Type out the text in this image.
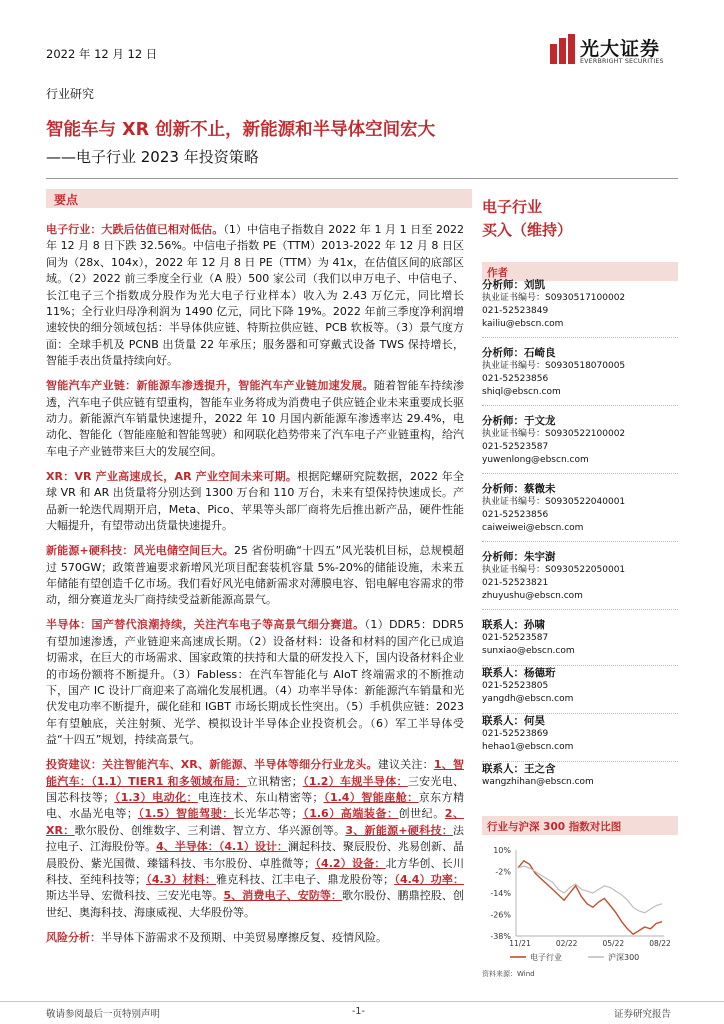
2022 年 12 月 12 日	光大证券
EVERBRIGHT SECURITIES
行业研究
智能车与 XR 创新不止，新能源和半导体空间宏大
——电子行业 2023 年投资策略
要点

电子行业：大跌后估值已相对低估。（1）中信电子指数自 2022 年 1 月 1 日至 2022 年 12 月 8 日下跌 32.56%。中信电子指数 PE（TTM）2013-2022 年 12 月 8 日区间为（28x、104x），2022 年 12 月 8 日 PE（TTM）为 41x，在估值区间的底部区域。（2）2022 前三季度全行业（A 股）500 家公司（我们以申万电子、中信电子、长江电子三个指数成分股作为光大电子行业样本）收入为 2.43 万亿元，同比增长 11%；全行业归母净利润为 1490 亿元，同比下降 19%。2022 年前三季度净利润增速较快的细分领域包括：半导体供应链、特斯拉供应链、PCB 软板等。（3）景气度方面：全球手机及 PCNB 出货量 22 年承压；服务器和可穿戴式设备 TWS 保持增长，智能手表出货量持续向好。

智能汽车产业链：新能源车渗透提升，智能汽车产业链加速发展。随着智能车持续渗透，汽车电子供应链有望重构，智能车业务将成为消费电子供应链企业未来重要成长驱动力。新能源汽车销量快速提升，2022 年 10 月国内新能源车渗透率达 29.4%，电动化、智能化（智能座舱和智能驾驶）和网联化趋势带来了汽车电子产业链重构，给汽车电子产业链带来巨大的发展空间。

XR：VR 产业高速成长，AR 产业空间未来可期。根据陀螺研究院数据，2022 年全球 VR 和 AR 出货量将分别达到 1300 万台和 110 万台，未来有望保持快速成长。产品新一轮迭代周期开启，Meta、Pico、苹果等头部厂商将先后推出新产品，硬件性能大幅提升，有望带动出货量快速提升。

新能源+硬科技：风光电储空间巨大。25 省份明确“十四五”风光装机目标，总规模超过 570GW；政策普遍要求新增风光项目配套装机容量 5%-20%的储能设施，未来五年储能有望创造千亿市场。我们看好风光电储新需求对薄膜电容、铝电解电容需求的带动，细分赛道龙头厂商持续受益新能源高景气。

半导体：国产替代浪潮持续，关注汽车电子等高景气细分赛道。（1）DDR5：DDR5 有望加速渗透，产业链迎来高速成长期。（2）设备材料：设备和材料的国产化已成追切需求，在巨大的市场需求、国家政策的扶持和大量的研发投入下，国内设备材料企业的市场份额将不断提升。（3）Fabless：在汽车智能化与 AIoT 终端需求的不断推动下，国产 IC 设计厂商迎来了高端化发展机遇。（4）功率半导体：新能源汽车销量和光伏发电功率不断提升，碳化硅和 IGBT 市场长期成长性突出。（5）手机供应链：2023 年有望触底，关注射频、光学、模拟设计半导体企业投资机会。（6）军工半导体受益“十四五”规划，持续高景气。

投资建议：关注智能汽车、XR、新能源、半导体等细分行业龙头。建议关注：1、智能汽车：（1.1）TIER1 和多领域布局：立讯精密；（1.2）车规半导体：三安光电、国芯科技等；（1.3）电动化：电连技术、东山精密等；（1.4）智能座舱：京东方精电、水晶光电等；（1.5）智能驾驶：长光华芯等；（1.6）高端装备：创世纪。2、XR：歌尔股份、创维数字、三利谱、智立方、华兴源创等。3、新能源+硬科技：法拉电子、江海股份等。4、半导体：（4.1）设计：澜起科技、聚辰股份、兆易创新、晶晨股份、紫光国微、臻镭科技、韦尔股份、卓胜微等；（4.2）设备：北方华创、长川科技、至纯科技等；（4.3）材料：雅克科技、江丰电子、鼎龙股份等；（4.4）功率：斯达半导、宏微科技、三安光电等。5、消费电子、安防等：歌尔股份、鹏鼎控股、创世纪、奥海科技、海康威视、大华股份等。

风险分析：半导体下游需求不及预期、中美贸易摩擦反复、疫情风险。

电子行业
买入（维持）
作者
分析师：刘凯
执业证书编号：S0930517100002
021-52523849
kailiu@ebscn.com
分析师：石崎良
执业证书编号：S0930518070005
021-52523856
shiql@ebscn.com
分析师：于文龙
执业证书编号：S0930522100002
021-52523587
yuwenlong@ebscn.com
分析师：蔡微未
执业证书编号：S0930522040001
021-52523856
caiweiwei@ebscn.com
分析师：朱宇澍
执业证书编号：S0930522050001
021-52523821
zhuyushu@ebscn.com
联系人：孙啸
021-52523587
sunxiao@ebscn.com
联系人：杨德珩
021-52523805
yangdh@ebscn.com
联系人：何昊
021-52523869
hehao1@ebscn.com
联系人：王之含
wangzhihan@ebscn.com
行业与沪深 300 指数对比图
10%
-2%
-14%
-26%
-38%
11/21	02/22	05/22	08/22
电子行业	沪深300
资料来源：Wind
敬请参阅最后一页特别声明	-1-	证券研究报告
